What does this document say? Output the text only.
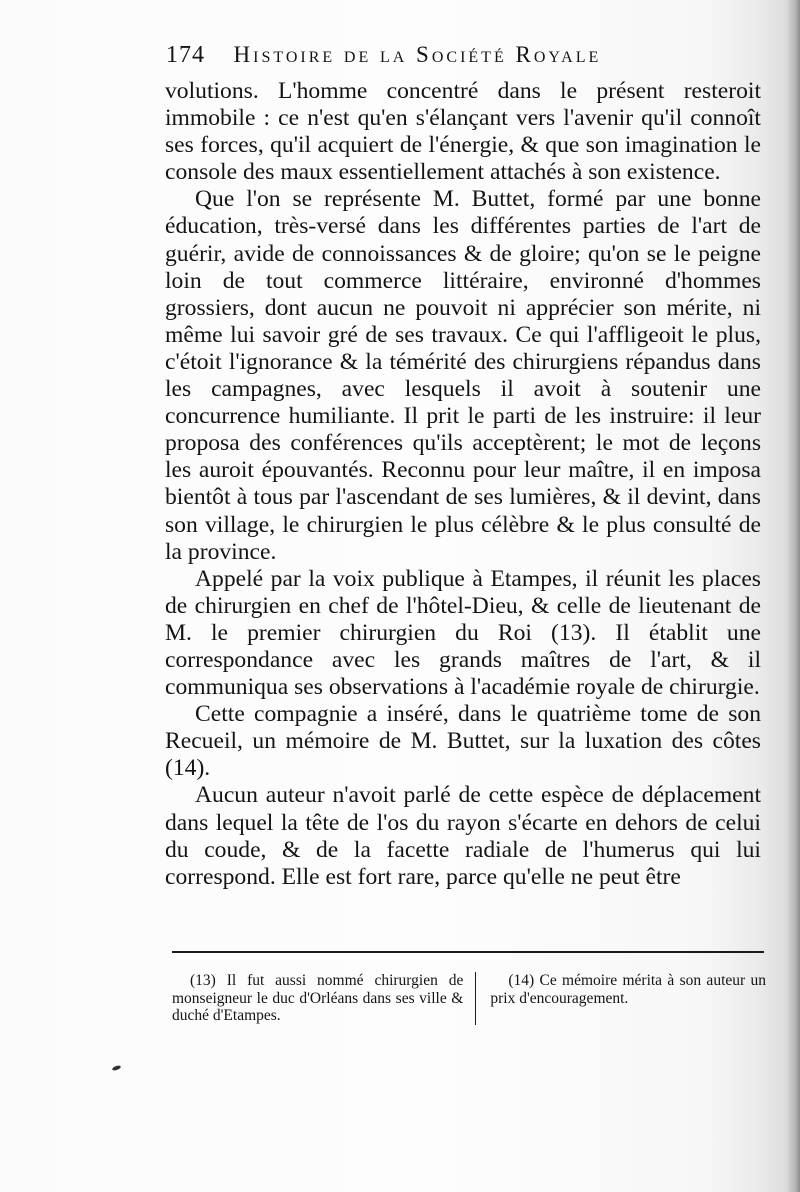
174 Histoire de la Société Royale

volutions. L'homme concentré dans le présent resteroit immobile : ce n'est qu'en s'élançant vers l'avenir qu'il connoît ses forces, qu'il acquiert de l'énergie, & que son imagination le console des maux essentiellement attachés à son existence.

Que l'on se représente M. Buttet, formé par une bonne éducation, très-versé dans les différentes parties de l'art de guérir, avide de connoissances & de gloire; qu'on se le peigne loin de tout commerce littéraire, environné d'hommes grossiers, dont aucun ne pouvoit ni apprécier son mérite, ni même lui savoir gré de ses travaux. Ce qui l'affligeoit le plus, c'étoit l'ignorance & la témérité des chirurgiens répandus dans les campagnes, avec lesquels il avoit à soutenir une concurrence humiliante. Il prit le parti de les instruire: il leur proposa des conférences qu'ils acceptèrent; le mot de leçons les auroit épouvantés. Reconnu pour leur maître, il en imposa bientôt à tous par l'ascendant de ses lumières, & il devint, dans son village, le chirurgien le plus célèbre & le plus consulté de la province.

Appelé par la voix publique à Etampes, il réunit les places de chirurgien en chef de l'hôtel-Dieu, & celle de lieutenant de M. le premier chirurgien du Roi (13). Il établit une correspondance avec les grands maîtres de l'art, & il communiqua ses observations à l'académie royale de chirurgie.

Cette compagnie a inséré, dans le quatrième tome de son Recueil, un mémoire de M. Buttet, sur la luxation des côtes (14).

Aucun auteur n'avoit parlé de cette espèce de déplacement dans lequel la tête de l'os du rayon s'écarte en dehors de celui du coude, & de la facette radiale de l'humerus qui lui correspond. Elle est fort rare, parce qu'elle ne peut être

(13) Il fut aussi nommé chirurgien de monseigneur le duc d'Orléans dans ses ville & duché d'Etampes.

(14) Ce mémoire mérita à son auteur un prix d'encouragement.
